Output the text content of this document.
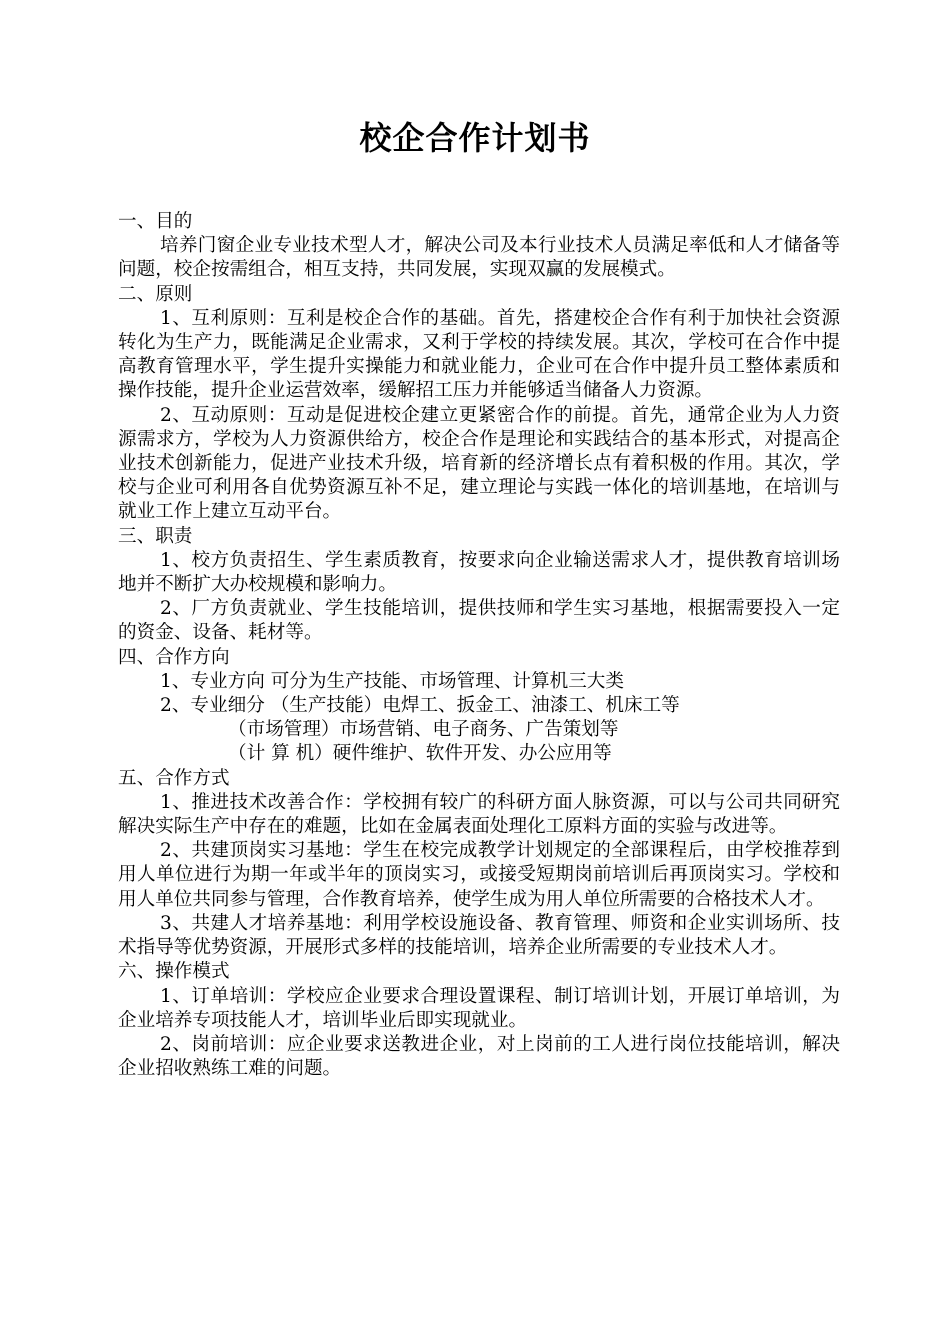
校企合作计划书

一、目的

培养门窗企业专业技术型人才，解决公司及本行业技术人员满足率低和人才储备等问题，校企按需组合，相互支持，共同发展，实现双赢的发展模式。

二、原则

1、互利原则：互利是校企合作的基础。首先，搭建校企合作有利于加快社会资源转化为生产力，既能满足企业需求，又利于学校的持续发展。其次，学校可在合作中提高教育管理水平，学生提升实操能力和就业能力，企业可在合作中提升员工整体素质和操作技能，提升企业运营效率，缓解招工压力并能够适当储备人力资源。

2、互动原则：互动是促进校企建立更紧密合作的前提。首先，通常企业为人力资源需求方，学校为人力资源供给方，校企合作是理论和实践结合的基本形式，对提高企业技术创新能力，促进产业技术升级，培育新的经济增长点有着积极的作用。其次，学校与企业可利用各自优势资源互补不足，建立理论与实践一体化的培训基地，在培训与就业工作上建立互动平台。

三、职责

1、校方负责招生、学生素质教育，按要求向企业输送需求人才，提供教育培训场地并不断扩大办校规模和影响力。

2、厂方负责就业、学生技能培训，提供技师和学生实习基地，根据需要投入一定的资金、设备、耗材等。

四、合作方向

1、专业方向 可分为生产技能、市场管理、计算机三大类

2、专业细分 （生产技能）电焊工、扳金工、油漆工、机床工等

（市场管理）市场营销、电子商务、广告策划等

（计 算 机）硬件维护、软件开发、办公应用等

五、合作方式

1、推进技术改善合作：学校拥有较广的科研方面人脉资源，可以与公司共同研究解决实际生产中存在的难题，比如在金属表面处理化工原料方面的实验与改进等。

2、共建顶岗实习基地：学生在校完成教学计划规定的全部课程后，由学校推荐到用人单位进行为期一年或半年的顶岗实习，或接受短期岗前培训后再顶岗实习。学校和用人单位共同参与管理，合作教育培养，使学生成为用人单位所需要的合格技术人才。

3、共建人才培养基地：利用学校设施设备、教育管理、师资和企业实训场所、技术指导等优势资源，开展形式多样的技能培训，培养企业所需要的专业技术人才。

六、操作模式

1、订单培训：学校应企业要求合理设置课程、制订培训计划，开展订单培训，为企业培养专项技能人才，培训毕业后即实现就业。

2、岗前培训：应企业要求送教进企业，对上岗前的工人进行岗位技能培训，解决企业招收熟练工难的问题。
